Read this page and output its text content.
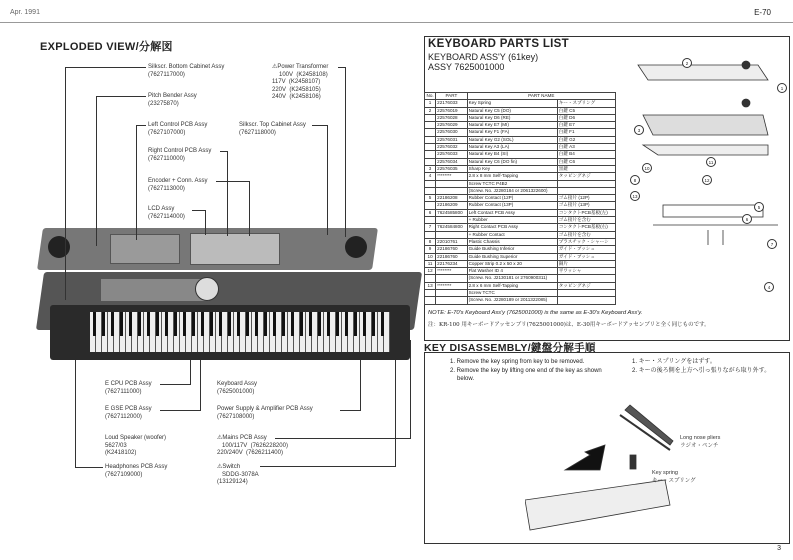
Apr. 1991	E-70
3
EXPLODED VIEW/分解図
Silkscr. Bottom Cabinet Assy
(7627117000)
⚠Power Transformer
100V  (K2458108)
117V  (K2458107)
220V  (K2458105)
240V  (K2458106)
Pitch Bender Assy
(23275870)
Left Control PCB Assy
(7627107000)
Silkscr. Top Cabinet Assy
(7627118000)
Right Control PCB Assy
(7627110000)
Encoder + Conn. Assy
(7627113000)
LCD Assy
(7627114000)
E CPU PCB Assy
(7627111000)
Keyboard Assy
(7625001000)
E GSE PCB Assy
(7627112000)
Power Supply & Amplifier PCB Assy
(7627108000)
Loud Speaker (woofer)
5627/03
(K2418102)
⚠Mains PCB Assy
100/117V  (7626228200)
220/240V  (7626211400)
Headphones PCB Assy
(7627109000)
⚠Switch
SDDG-3078A
(13129124)
KEYBOARD PARTS LIST
KEYBOARD ASS'Y (61key)
ASSY 7625001000
No.	PART	PART NAME	
1	22176033	Key Spring	キー・スプリング
2	22576019	Natural Key C5 (DO)	白鍵 C5
	22576028	Natural Key D6 (RE)	白鍵 D6
	22576029	Natural Key E7 (MI)	白鍵 E7
	22576030	Natural Key F1 (FA)	白鍵 F1
	22576031	Natural Key G2 (SOL)	白鍵 G2
	22576032	Natural Key A3 (LA)	白鍵 A3
	22576033	Natural Key B4 (SI)	白鍵 B4
	22576034	Natural Key C6 (DO fin)	白鍵 C6
3	22576035	Sharp Key	黒鍵
4	********	2.8 x 8 mm Self-Tapping	タッピングネジ
		Screw TCTC P4B2	
		(Screw. No. J2280184 or 2061322600)	
5	22186208	Rubber Contact (12P)	ゴム接片 (12P)
	22186209	Rubber Contact (13P)	ゴム接片 (13P)
6	7624585800	Left Contact PCB Assy	コンタクトPCB基板(左)
		+ Rubber	ゴム接片を含む
7	7624584800	Right Contact PCB Assy	コンタクトPCB基板(右)
		+ Rubber Contact	ゴム接片を含む
8	22010761	Plastic Chassis	プラスチック・シャーシ
9	22186760	Guide Bushing Inferior	ガイド・ブッシュ
10	22186760	Guide Bushing Superior	ガイド・ブッシュ
11	22176234	Copper Strip 0.2 x 50 x 20	銅片
12	********	Flat Washer ID 4	平ワッシャ
		(Screw. No. J2130181 or 2760900311)	
13	********	2.8 x 6 mm Self-Tapping	タッピングネジ
		Screw TCTC	
		(Screw. No. J2280189 or 2011322085)	
1
2
3
4
5
6
7
8
10
11
12
13
NOTE: E-70's Keyboard Ass'y (7625001000) is the same as E-30's Keyboard Ass'y.
注：KR-100 用キーボードアッセンブリ(7625001000)は、E-30用キーボードアッセンブリと全く同じものです。
KEY DISASSEMBLY/鍵盤分解手順
1. Remove the key spring from key to be removed.
2. Remove the key by lifting one end of the key as shown below.
1. キー・スプリングをはずす。
2. キーの後ろ側を上方へ引っ張りながら取り外す。
Long nose pliers
ラジオ・ペンチ
Key spring
キー・スプリング
